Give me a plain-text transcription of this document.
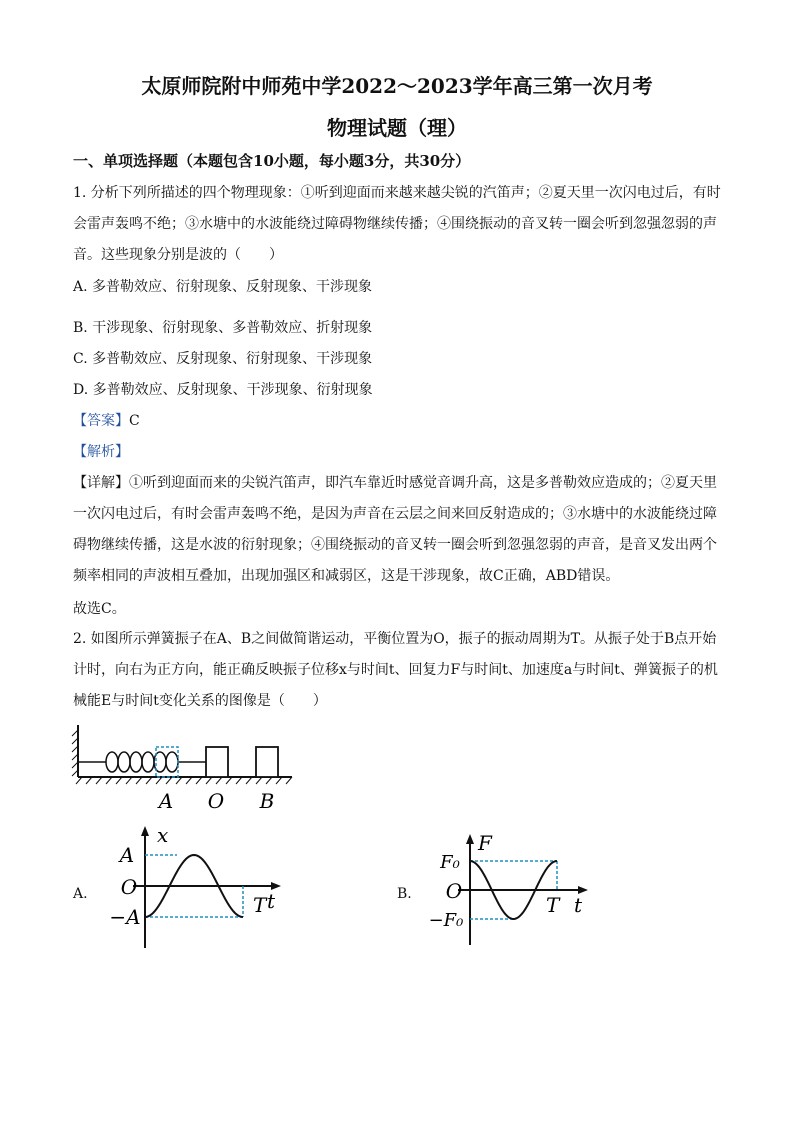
太原师院附中师苑中学2022～2023学年高三第一次月考
物理试题（理）
一、单项选择题（本题包含10小题，每小题3分，共30分）

1. 分析下列所描述的四个物理现象：①听到迎面而来越来越尖锐的汽笛声；②夏天里一次闪电过后，有时会雷声轰鸣不绝；③水塘中的水波能绕过障碍物继续传播；④围绕振动的音叉转一圈会听到忽强忽弱的声音。这些现象分别是波的（　　）

A. 多普勒效应、衍射现象、反射现象、干涉现象
B. 干涉现象、衍射现象、多普勒效应、折射现象
C. 多普勒效应、反射现象、衍射现象、干涉现象
D. 多普勒效应、反射现象、干涉现象、衍射现象
【答案】C
【解析】

【详解】①听到迎面而来的尖锐汽笛声，即汽车靠近时感觉音调升高，这是多普勒效应造成的；②夏天里一次闪电过后，有时会雷声轰鸣不绝，是因为声音在云层之间来回反射造成的；③水塘中的水波能绕过障碍物继续传播，这是水波的衍射现象；④围绕振动的音叉转一圈会听到忽强忽弱的声音，是音叉发出两个频率相同的声波相互叠加，出现加强区和减弱区，这是干涉现象，故C正确，ABD错误。

故选C。

2. 如图所示弹簧振子在A、B之间做简谐运动，平衡位置为O，振子的振动周期为T。从振子处于B点开始计时，向右为正方向，能正确反映振子位移x与时间t、回复力F与时间t、加速度a与时间t、弹簧振子的机械能E与时间t变化关系的图像是（　　）

A O B
A.
x
t
A
O
−A	T	B.
F
t
F₀
O
−F₀
T
